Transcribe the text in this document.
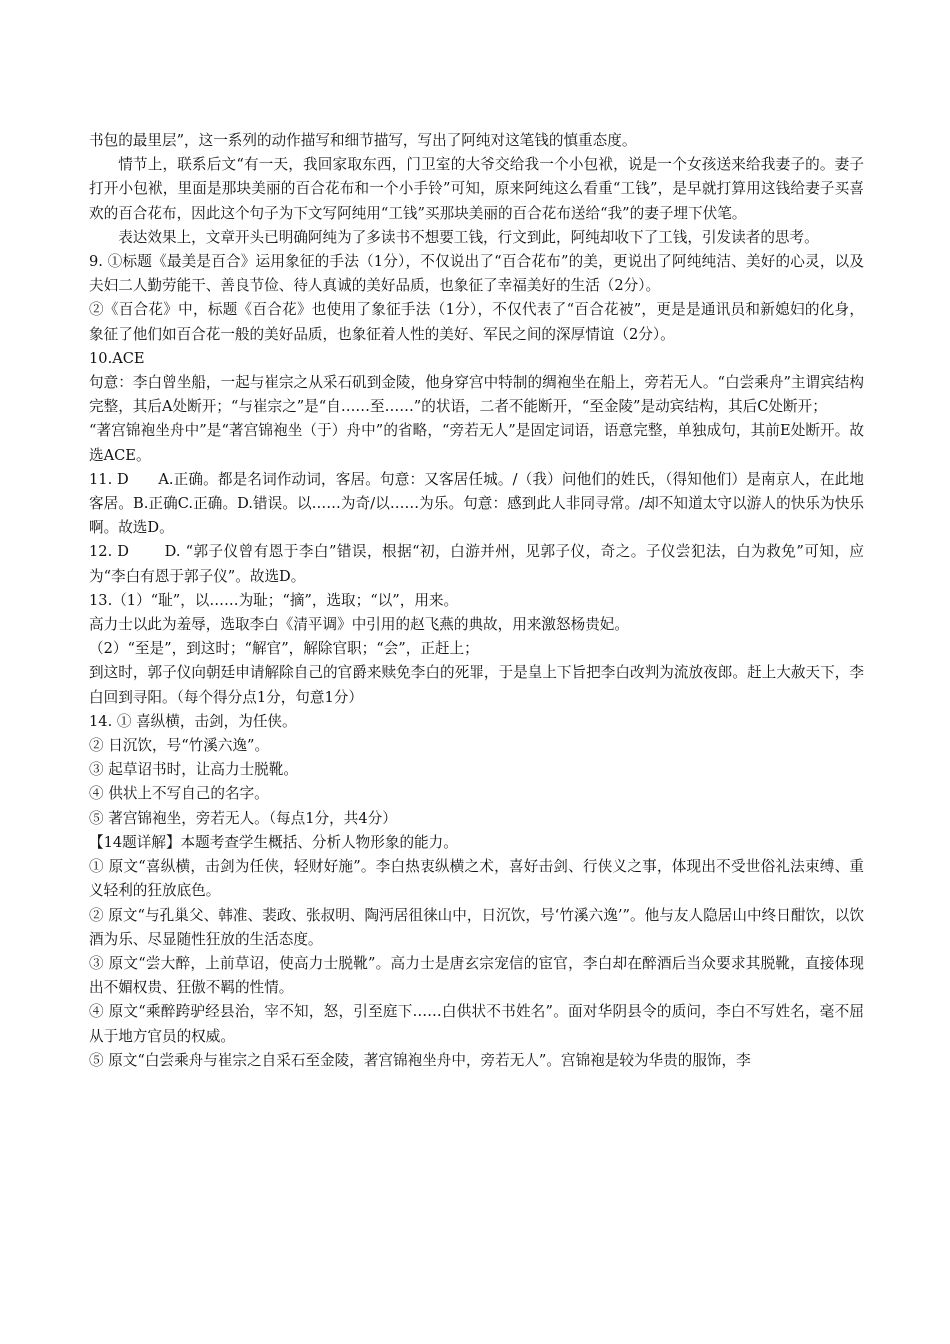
书包的最里层”，这一系列的动作描写和细节描写，写出了阿纯对这笔钱的慎重态度。

情节上，联系后文“有一天，我回家取东西，门卫室的大爷交给我一个小包袱，说是一个女孩送来给我妻子的。妻子打开小包袱，里面是那块美丽的百合花布和一个小手铃”可知，原来阿纯这么看重“工钱”，是早就打算用这钱给妻子买喜欢的百合花布，因此这个句子为下文写阿纯用“工钱”买那块美丽的百合花布送给“我”的妻子埋下伏笔。

表达效果上，文章开头已明确阿纯为了多读书不想要工钱，行文到此，阿纯却收下了工钱，引发读者的思考。

9. ①标题《最美是百合》运用象征的手法（1分），不仅说出了“百合花布”的美，更说出了阿纯纯洁、美好的心灵，以及夫妇二人勤劳能干、善良节俭、待人真诚的美好品质，也象征了幸福美好的生活（2分）。

②《百合花》中，标题《百合花》也使用了象征手法（1分），不仅代表了“百合花被”，更是是通讯员和新媳妇的化身，象征了他们如百合花一般的美好品质，也象征着人性的美好、军民之间的深厚情谊（2分）。

10.ACE

句意：李白曾坐船，一起与崔宗之从采石矶到金陵，他身穿宫中特制的绸袍坐在船上，旁若无人。“白尝乘舟”主谓宾结构完整，其后A处断开；“与崔宗之”是“自……至……”的状语，二者不能断开，“至金陵”是动宾结构，其后C处断开；

“著宫锦袍坐舟中”是“著宫锦袍坐（于）舟中”的省略，“旁若无人”是固定词语，语意完整，单独成句，其前E处断开。故选ACE。

11. D　　A.正确。都是名词作动词，客居。句意：又客居任城。/（我）问他们的姓氏，（得知他们）是南京人，在此地客居。B.正确C.正确。D.错误。以……为奇/以……为乐。句意：感到此人非同寻常。/却不知道太守以游人的快乐为快乐啊。故选D。

12. D　　 D. “郭子仪曾有恩于李白”错误，根据“初，白游并州，见郭子仪，奇之。子仪尝犯法，白为救免”可知，应为“李白有恩于郭子仪”。故选D。

13.（1）“耻”，以……为耻；“摘”，选取；“以”，用来。

高力士以此为羞辱，选取李白《清平调》中引用的赵飞燕的典故，用来激怒杨贵妃。

（2）“至是”，到这时；“解官”，解除官职；“会”，正赶上；

到这时，郭子仪向朝廷申请解除自己的官爵来赎免李白的死罪，于是皇上下旨把李白改判为流放夜郎。赶上大赦天下，李白回到寻阳。（每个得分点1分，句意1分）

14. ① 喜纵横，击剑，为任侠。

② 日沉饮，号“竹溪六逸”。

③ 起草诏书时，让高力士脱靴。

④ 供状上不写自己的名字。

⑤ 著宫锦袍坐，旁若无人。（每点1分，共4分）

【14题详解】本题考查学生概括、分析人物形象的能力。

① 原文“喜纵横，击剑为任侠，轻财好施”。李白热衷纵横之术，喜好击剑、行侠义之事，体现出不受世俗礼法束缚、重义轻利的狂放底色。

② 原文“与孔巢父、韩准、裴政、张叔明、陶沔居徂徕山中，日沉饮，号‘竹溪六逸’”。他与友人隐居山中终日酣饮，以饮酒为乐、尽显随性狂放的生活态度。

③ 原文“尝大醉，上前草诏，使高力士脱靴”。高力士是唐玄宗宠信的宦官，李白却在醉酒后当众要求其脱靴，直接体现出不媚权贵、狂傲不羁的性情。

④ 原文“乘醉跨驴经县治，宰不知，怒，引至庭下……白供状不书姓名”。面对华阴县令的质问，李白不写姓名，毫不屈从于地方官员的权威。

⑤ 原文“白尝乘舟与崔宗之自采石至金陵，著宫锦袍坐舟中，旁若无人”。宫锦袍是较为华贵的服饰，李
